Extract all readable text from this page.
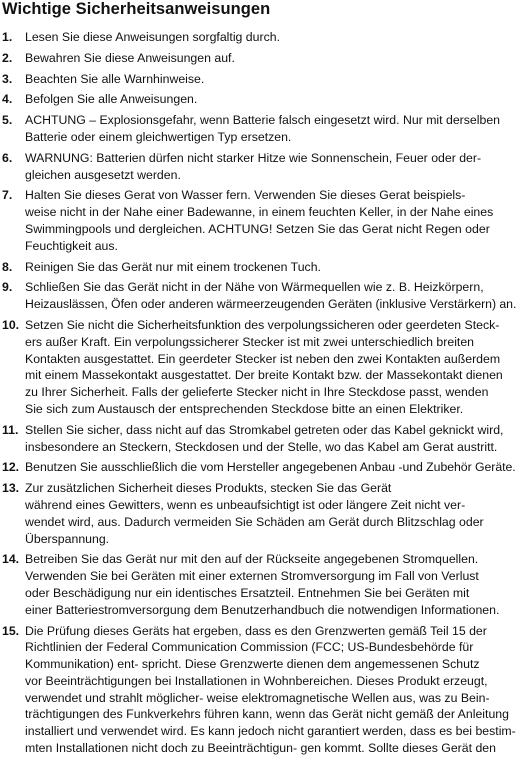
Wichtige Sicherheitsanweisungen
1. Lesen Sie diese Anweisungen sorgfaltig durch.
2. Bewahren Sie diese Anweisungen auf.
3. Beachten Sie alle Warnhinweise.
4. Befolgen Sie alle Anweisungen.
5. ACHTUNG – Explosionsgefahr, wenn Batterie falsch eingesetzt wird. Nur mit derselben
Batterie oder einem gleichwertigen Typ ersetzen.
6. WARNUNG: Batterien dürfen nicht starker Hitze wie Sonnenschein, Feuer oder der-
gleichen ausgesetzt werden.
7. Halten Sie dieses Gerat von Wasser fern. Verwenden Sie dieses Gerat beispiels-
weise nicht in der Nahe einer Badewanne, in einem feuchten Keller, in der Nahe eines
Swimmingpools und dergleichen. ACHTUNG! Setzen Sie das Gerat nicht Regen oder
Feuchtigkeit aus.
8. Reinigen Sie das Gerät nur mit einem trockenen Tuch.
9. Schließen Sie das Gerät nicht in der Nähe von Wärmequellen wie z. B. Heizkörpern,
Heizauslässen, Öfen oder anderen wärmeerzeugenden Geräten (inklusive Verstärkern) an.
10. Setzen Sie nicht die Sicherheitsfunktion des verpolungssicheren oder geerdeten Steck-
ers außer Kraft. Ein verpolungssicherer Stecker ist mit zwei unterschiedlich breiten
Kontakten ausgestattet. Ein geerdeter Stecker ist neben den zwei Kontakten außerdem
mit einem Massekontakt ausgestattet. Der breite Kontakt bzw. der Massekontakt dienen
zu Ihrer Sicherheit. Falls der gelieferte Stecker nicht in Ihre Steckdose passt, wenden
Sie sich zum Austausch der entsprechenden Steckdose bitte an einen Elektriker.
11. Stellen Sie sicher, dass nicht auf das Stromkabel getreten oder das Kabel geknickt wird,
insbesondere an Steckern, Steckdosen und der Stelle, wo das Kabel am Gerat austritt.
12. Benutzen Sie ausschließlich die vom Hersteller angegebenen Anbau -und Zubehör Geräte.
13. Zur zusätzlichen Sicherheit dieses Produkts, stecken Sie das Gerät
während eines Gewitters, wenn es unbeaufsichtigt ist oder längere Zeit nicht ver-
wendet wird, aus. Dadurch vermeiden Sie Schäden am Gerät durch Blitzschlag oder
Überspannung.
14. Betreiben Sie das Gerät nur mit den auf der Rückseite angegebenen Stromquellen.
Verwenden Sie bei Geräten mit einer externen Stromversorgung im Fall von Verlust
oder Beschädigung nur ein identisches Ersatzteil. Entnehmen Sie bei Geräten mit
einer Batteriestromversorgung dem Benutzerhandbuch die notwendigen Informationen.
15. Die Prüfung dieses Geräts hat ergeben, dass es den Grenzwerten gemäß Teil 15 der
Richtlinien der Federal Communication Commission (FCC; US-Bundesbehörde für
Kommunikation) ent- spricht. Diese Grenzwerte dienen dem angemessenen Schutz
vor Beeinträchtigungen bei Installationen in Wohnbereichen. Dieses Produkt erzeugt,
verwendet und strahlt möglicher- weise elektromagnetische Wellen aus, was zu Bein-
trächtigungen des Funkverkehrs führen kann, wenn das Gerät nicht gemäß der Anleitung
installiert und verwendet wird. Es kann jedoch nicht garantiert werden, dass es bei bestim-
mten Installationen nicht doch zu Beeinträchtigun- gen kommt. Sollte dieses Gerät den
